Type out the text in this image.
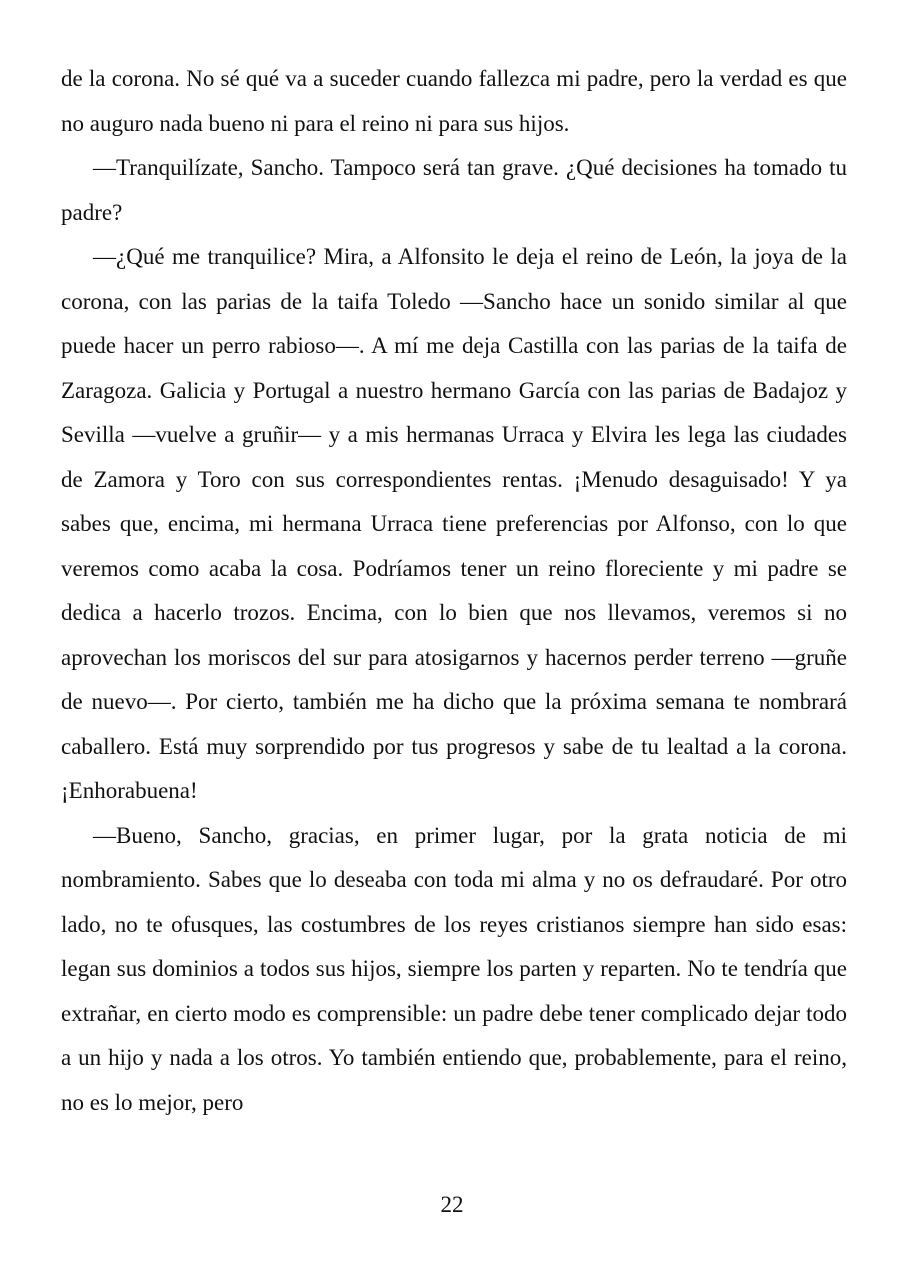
de la corona. No sé qué va a suceder cuando fallezca mi padre, pero la verdad es que no auguro nada bueno ni para el reino ni para sus hijos.

—Tranquilízate, Sancho. Tampoco será tan grave. ¿Qué decisiones ha tomado tu padre?

—¿Qué me tranquilice? Mira, a Alfonsito le deja el reino de León, la joya de la corona, con las parias de la taifa Toledo —Sancho hace un sonido similar al que puede hacer un perro rabioso—. A mí me deja Castilla con las parias de la taifa de Zaragoza. Galicia y Portugal a nuestro hermano García con las parias de Badajoz y Sevilla —vuelve a gruñir— y a mis hermanas Urraca y Elvira les lega las ciudades de Zamora y Toro con sus correspondientes rentas. ¡Menudo desaguisado! Y ya sabes que, encima, mi hermana Urraca tiene preferencias por Alfonso, con lo que veremos como acaba la cosa. Podríamos tener un reino floreciente y mi padre se dedica a hacerlo trozos. Encima, con lo bien que nos llevamos, veremos si no aprovechan los moriscos del sur para atosigarnos y hacernos perder terreno —gruñe de nuevo—. Por cierto, también me ha dicho que la próxima semana te nombrará caballero. Está muy sorprendido por tus progresos y sabe de tu lealtad a la corona. ¡Enhorabuena!

—Bueno, Sancho, gracias, en primer lugar, por la grata noticia de mi nombramiento. Sabes que lo deseaba con toda mi alma y no os defraudaré. Por otro lado, no te ofusques, las costumbres de los reyes cristianos siempre han sido esas: legan sus dominios a todos sus hijos, siempre los parten y reparten. No te tendría que extrañar, en cierto modo es comprensible: un padre debe tener complicado dejar todo a un hijo y nada a los otros. Yo también entiendo que, probablemente, para el reino, no es lo mejor, pero

22
